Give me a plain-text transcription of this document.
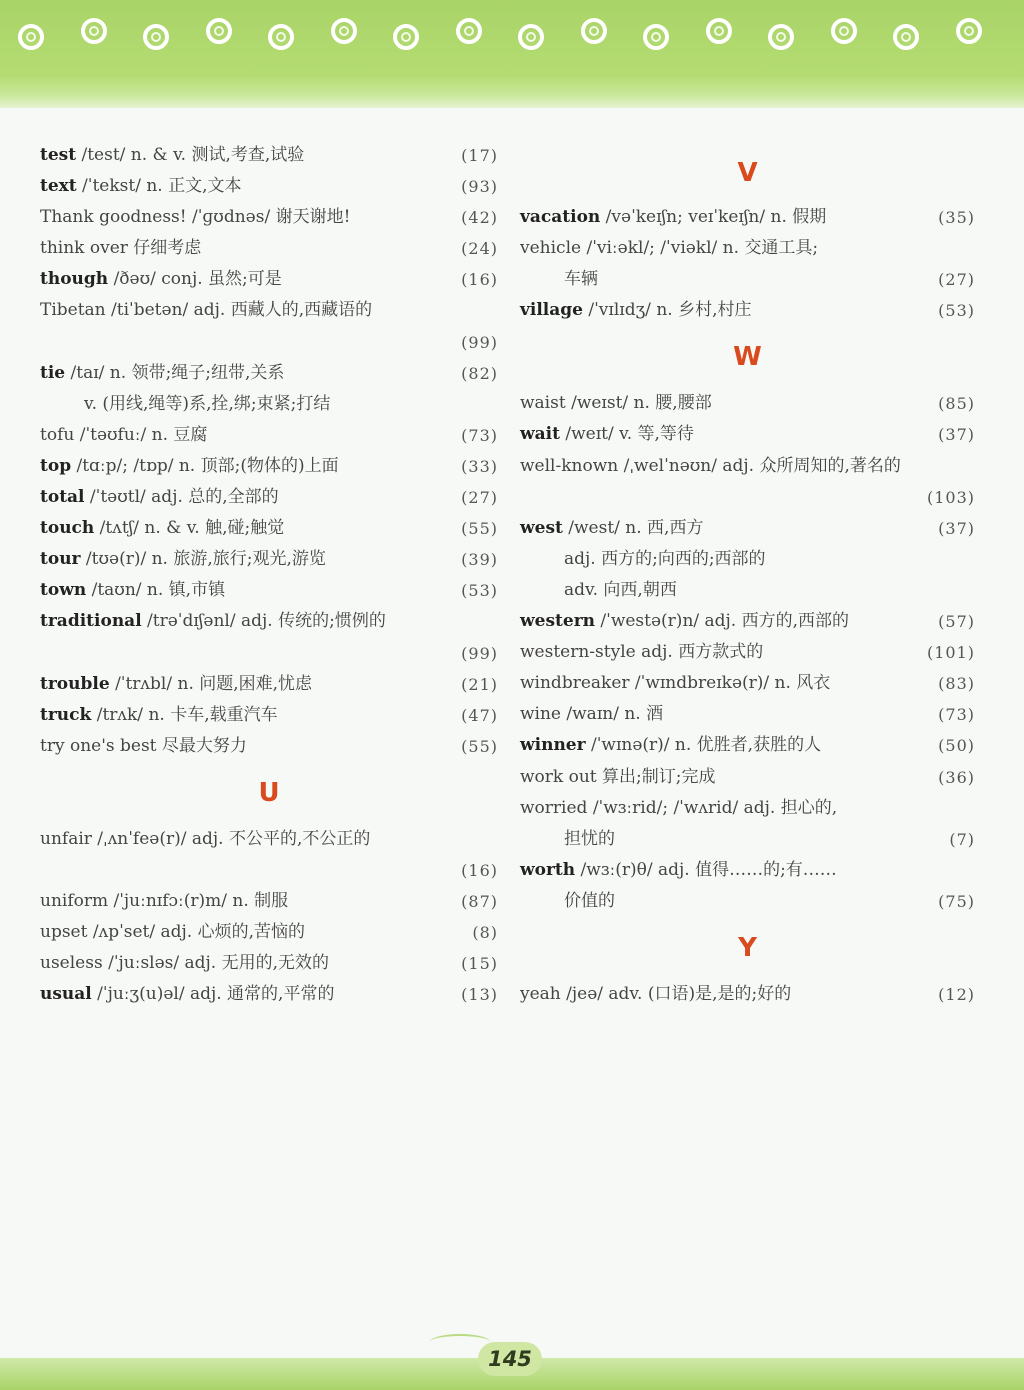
test /test/ n. & v. 测试,考查,试验	(17)
text /ˈtekst/ n. 正文,文本	(93)
Thank goodness! /ˈɡʊdnəs/ 谢天谢地!	(42)
think over 仔细考虑	(24)
though /ðəʊ/ conj. 虽然;可是	(16)
Tibetan /tiˈbetən/ adj. 西藏人的,西藏语的
(99)
tie /taɪ/ n. 领带;绳子;纽带,关系	(82)
v. (用线,绳等)系,拴,绑;束紧;打结
tofu /ˈtəʊfuː/ n. 豆腐	(73)
top /tɑːp/; /tɒp/ n. 顶部;(物体的)上面	(33)
total /ˈtəʊtl/ adj. 总的,全部的	(27)
touch /tʌtʃ/ n. & v. 触,碰;触觉	(55)
tour /tʊə(r)/ n. 旅游,旅行;观光,游览	(39)
town /taʊn/ n. 镇,市镇	(53)
traditional /trəˈdɪʃənl/ adj. 传统的;惯例的
(99)
trouble /ˈtrʌbl/ n. 问题,困难,忧虑	(21)
truck /trʌk/ n. 卡车,载重汽车	(47)
try one's best 尽最大努力	(55)
U
unfair /ˌʌnˈfeə(r)/ adj. 不公平的,不公正的
(16)
uniform /ˈjuːnɪfɔː(r)m/ n. 制服	(87)
upset /ʌpˈset/ adj. 心烦的,苦恼的	(8)
useless /ˈjuːsləs/ adj. 无用的,无效的	(15)
usual /ˈjuːʒ(u)əl/ adj. 通常的,平常的	(13)
V
vacation /vəˈkeɪʃn; veɪˈkeɪʃn/ n. 假期	(35)
vehicle /ˈviːəkl/; /ˈviəkl/ n. 交通工具;
车辆	(27)
village /ˈvɪlɪdʒ/ n. 乡村,村庄	(53)
W
waist /weɪst/ n. 腰,腰部	(85)
wait /weɪt/ v. 等,等待	(37)
well-known /ˌwelˈnəʊn/ adj. 众所周知的,著名的
(103)
west /west/ n. 西,西方	(37)
adj. 西方的;向西的;西部的
adv. 向西,朝西
western /ˈwestə(r)n/ adj. 西方的,西部的	(57)
western-style adj. 西方款式的	(101)
windbreaker /ˈwɪndbreɪkə(r)/ n. 风衣	(83)
wine /waɪn/ n. 酒	(73)
winner /ˈwɪnə(r)/ n. 优胜者,获胜的人	(50)
work out 算出;制订;完成	(36)
worried /ˈwɜːrid/; /ˈwʌrid/ adj. 担心的,
担忧的	(7)
worth /wɜː(r)θ/ adj. 值得……的;有……
价值的	(75)
Y
yeah /jeə/ adv. (口语)是,是的;好的	(12)
145
